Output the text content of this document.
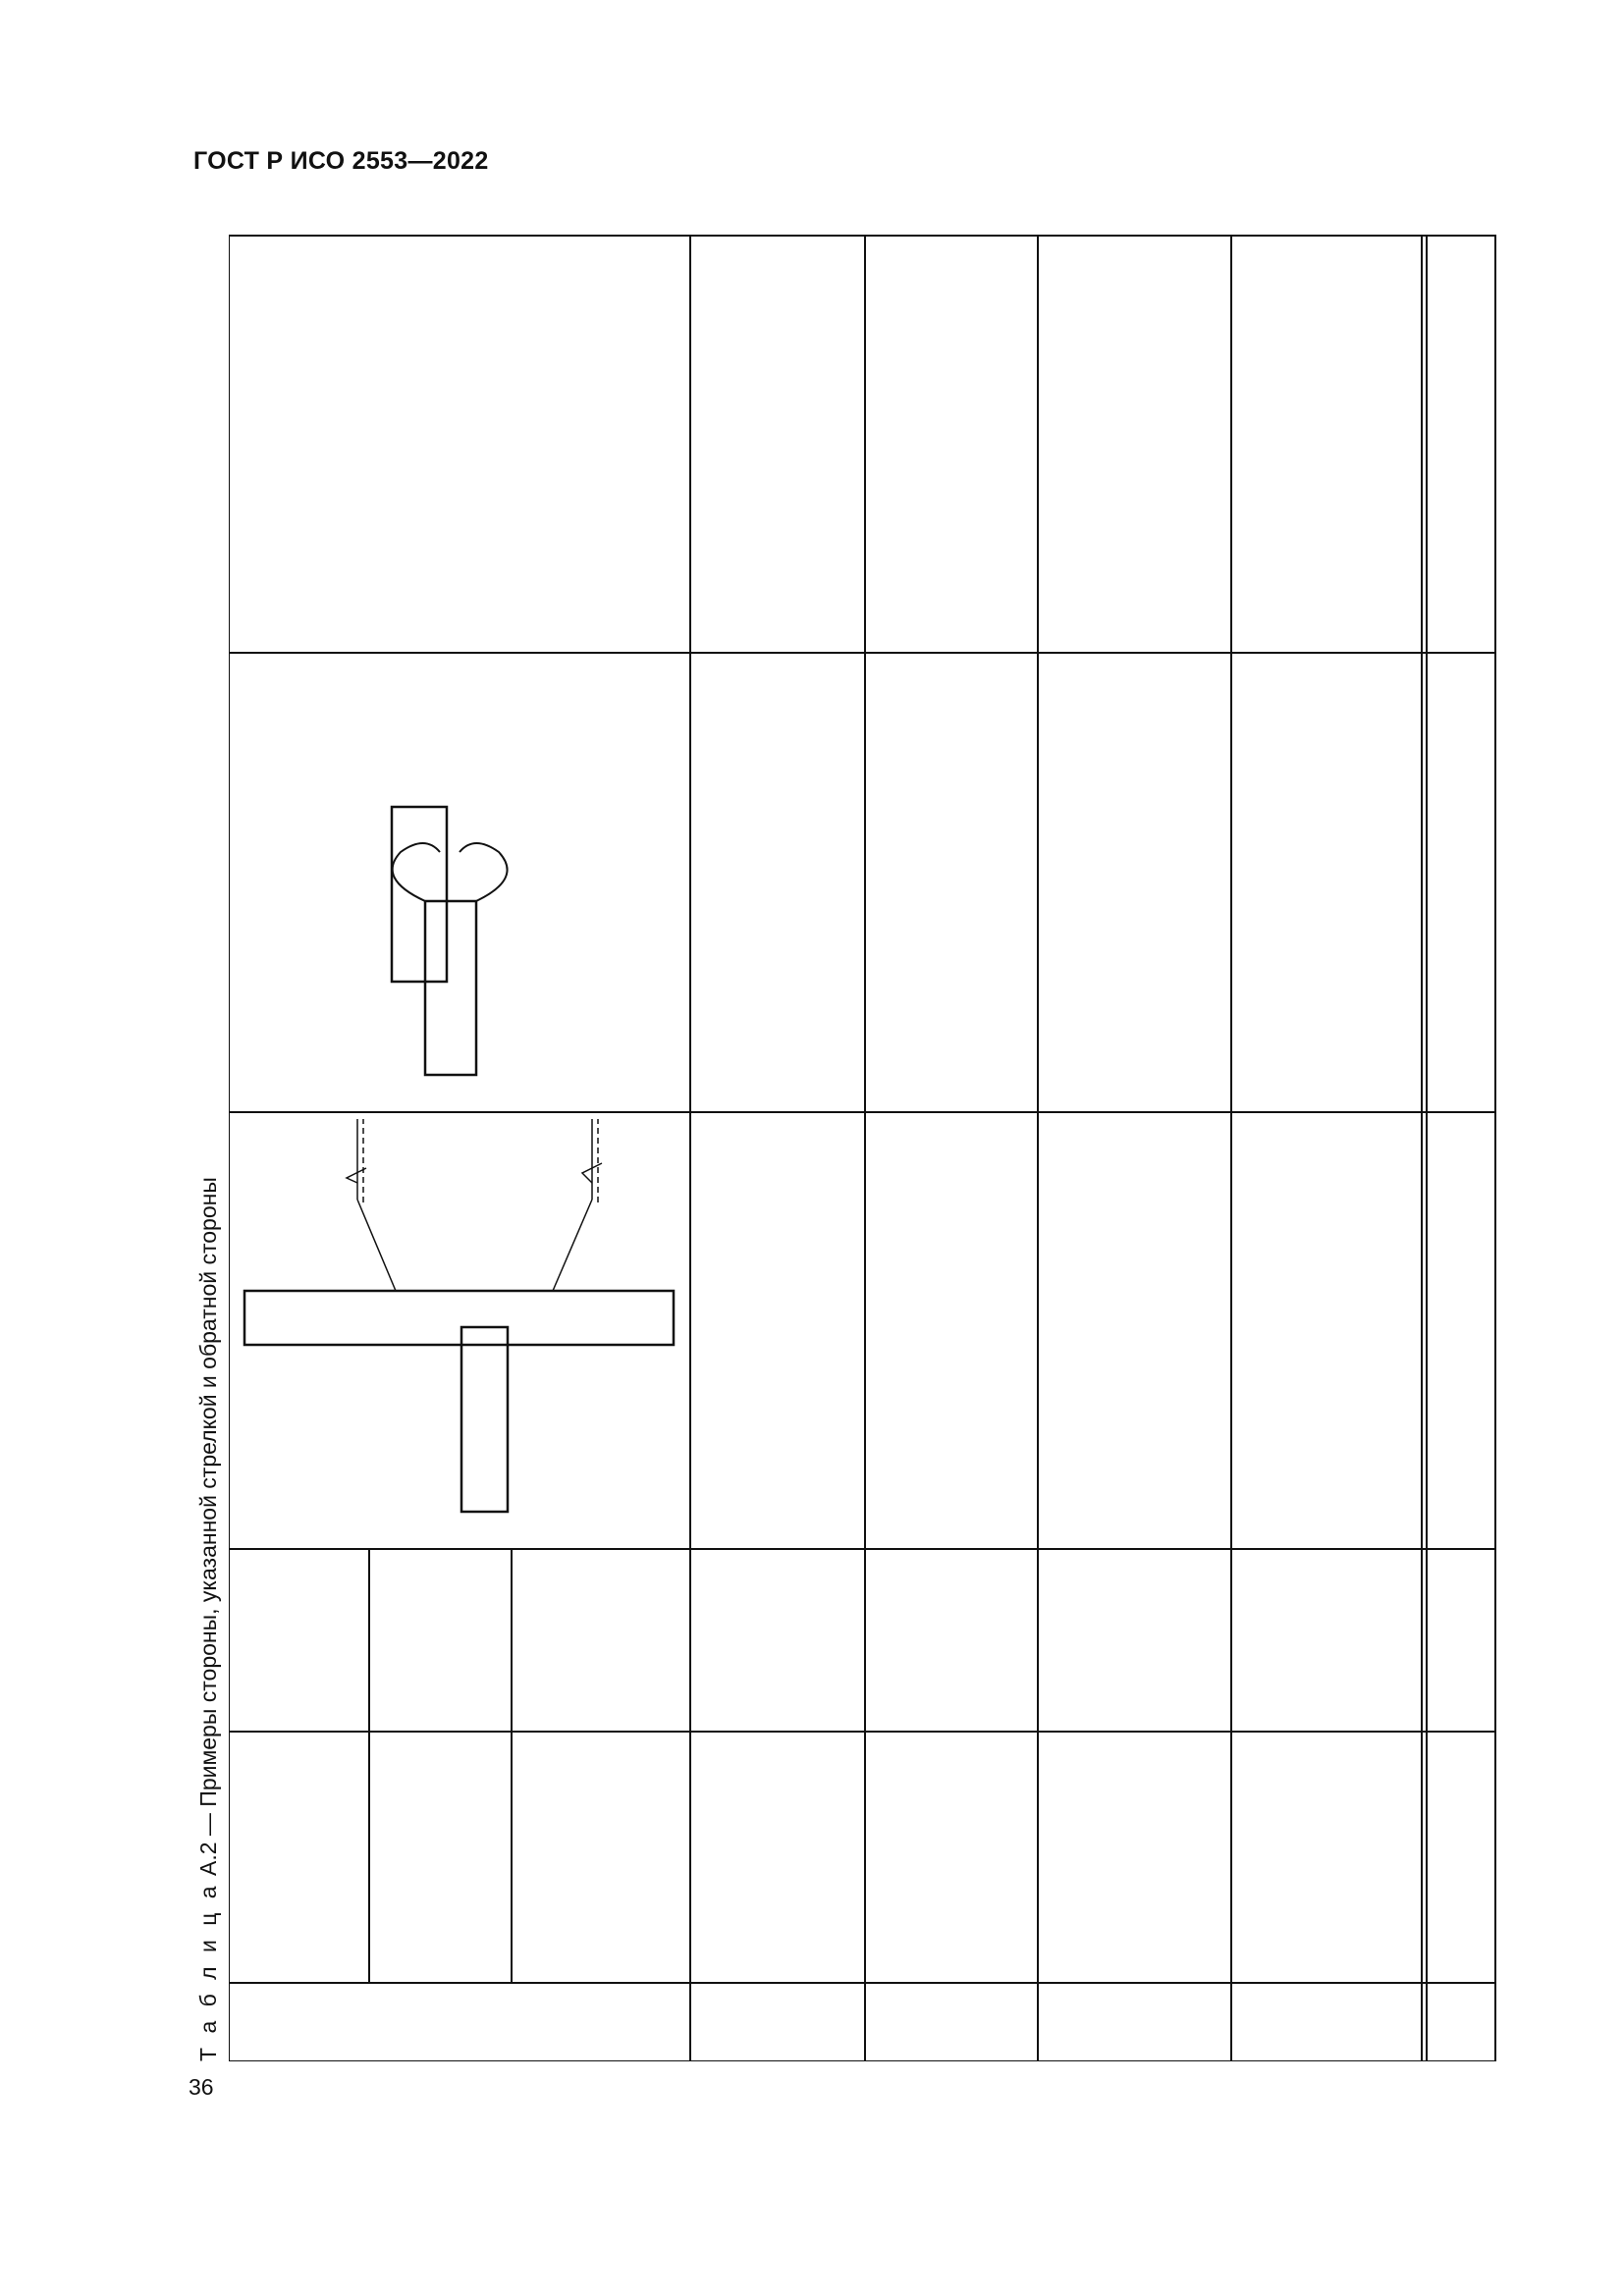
ГОСТ Р ИСО 2553—2022
36
Т а б л и ц а А.2 — Примеры стороны, указанной стрелкой и обратной стороны
